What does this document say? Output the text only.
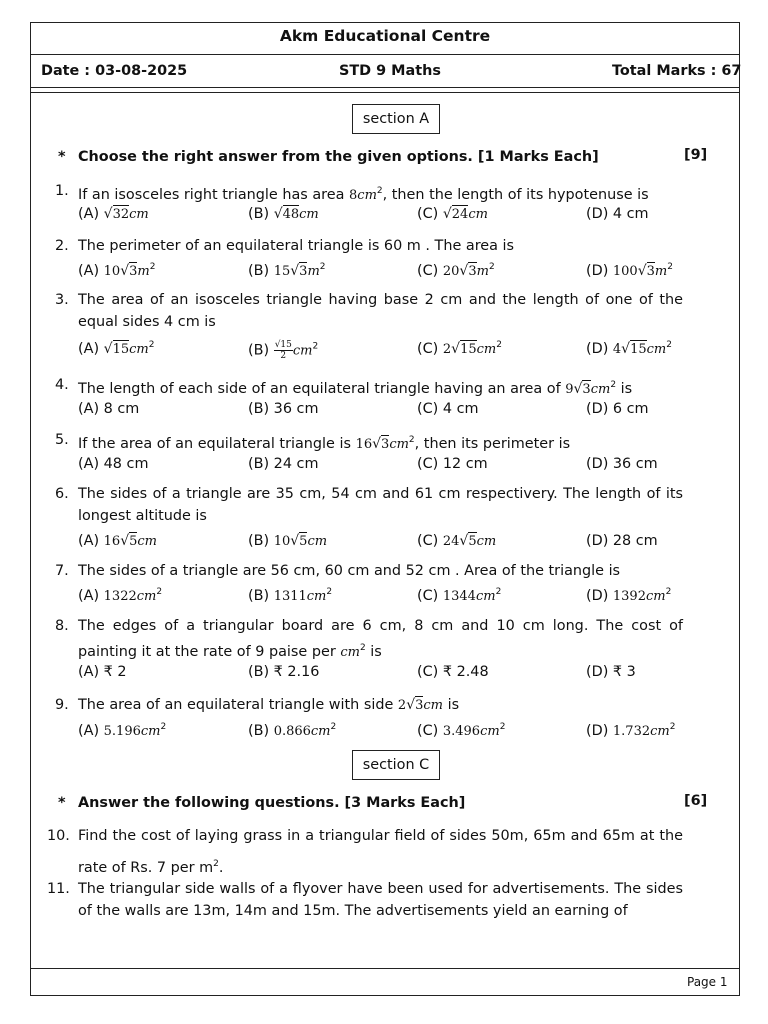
Akm Educational Centre
Date : 03-08-2025	STD 9 Maths	Total Marks : 67
section A
* Choose the right answer from the given options. [1 Marks Each]	[9]
1. If an isosceles right triangle has area $8cm^2$, then the length of its hypotenuse is
(A) √32cm	(B) √48cm	(C) √24cm	(D) 4 cm
2. The perimeter of an equilateral triangle is 60 m . The area is
(A) $10√3m^2$	(B) $15√3m^2$	(C) $20√3m^2$	(D) $100√3m^2$
3. The area of an isosceles triangle having base 2 cm and the length of one of the equal sides 4 cm is
(A) $√15cm^2$	$(B) \frac{√15}{2} cm^2$	(C) $2√15cm^2$	(D) $4√15cm^2$
4. The length of each side of an equilateral triangle having an area of $9√3cm^2$ is
(A) 8 cm	(B) 36 cm	(C) 4 cm	(D) 6 cm
5. If the area of an equilateral triangle is $16√3cm^2$, then its perimeter is
(A) 48 cm	(B) 24 cm	(C) 12 cm	(D) 36 cm
6. The sides of a triangle are 35 cm, 54 cm and 61 cm respectivery. The length of its longest altitude is
(A) 16√5cm	(B) 10√5cm	(C) 24√5cm	(D) 28 cm
7. The sides of a triangle are 56 cm, 60 cm and 52 cm . Area of the triangle is
(A) $1322cm^2$	(B) $1311cm^2$	(C) $1344cm^2$	(D) $1392cm^2$
8. The edges of a triangular board are 6 cm, 8 cm and 10 cm long. The cost of painting it at the rate of 9 paise per $cm^2$ is
(A) ₹ 2	(B) ₹ 2.16	(C) ₹ 2.48	(D) ₹ 3
9. The area of an equilateral triangle with side 2√3cm is
(A) $5.196cm^2$	(B) $0.866cm^2$	(C) $3.496cm^2$	(D) $1.732cm^2$
section C
* Answer the following questions. [3 Marks Each]	[6]
10. Find the cost of laying grass in a triangular field of sides 50m, 65m and 65m at the rate of Rs. 7 per $m^2$.
11. The triangular side walls of a flyover have been used for advertisements. The sides of the walls are 13m, 14m and 15m. The advertisements yield an earning of
Page 1
